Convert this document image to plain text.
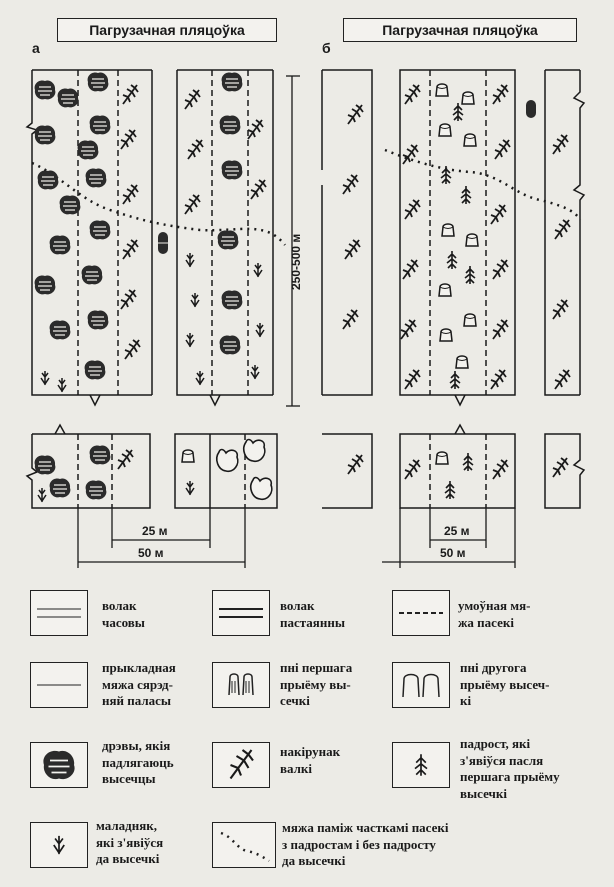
Пагрузачная пляцоўка	Пагрузачная пляцоўка
а	б
250-500 м
25 м
50 м
25 м
50 м
волак
часовы
волак
пастаянны
умоўная мя-
жа пасекі
прыкладная
мяжа сярэд-
няй паласы
пні першага
прыёму вы-
сечкі
пні другога
прыёму высеч-
кі
дрэвы, якія
падлягаюць
высечцы
накірунак
валкі
падрост, які
з'явіўся пасля
першага прыёму
высечкі
маладняк,
які з'явіўся
да высечкі
мяжа паміж часткамі пасекі
з падростам і без падросту
да высечкі
